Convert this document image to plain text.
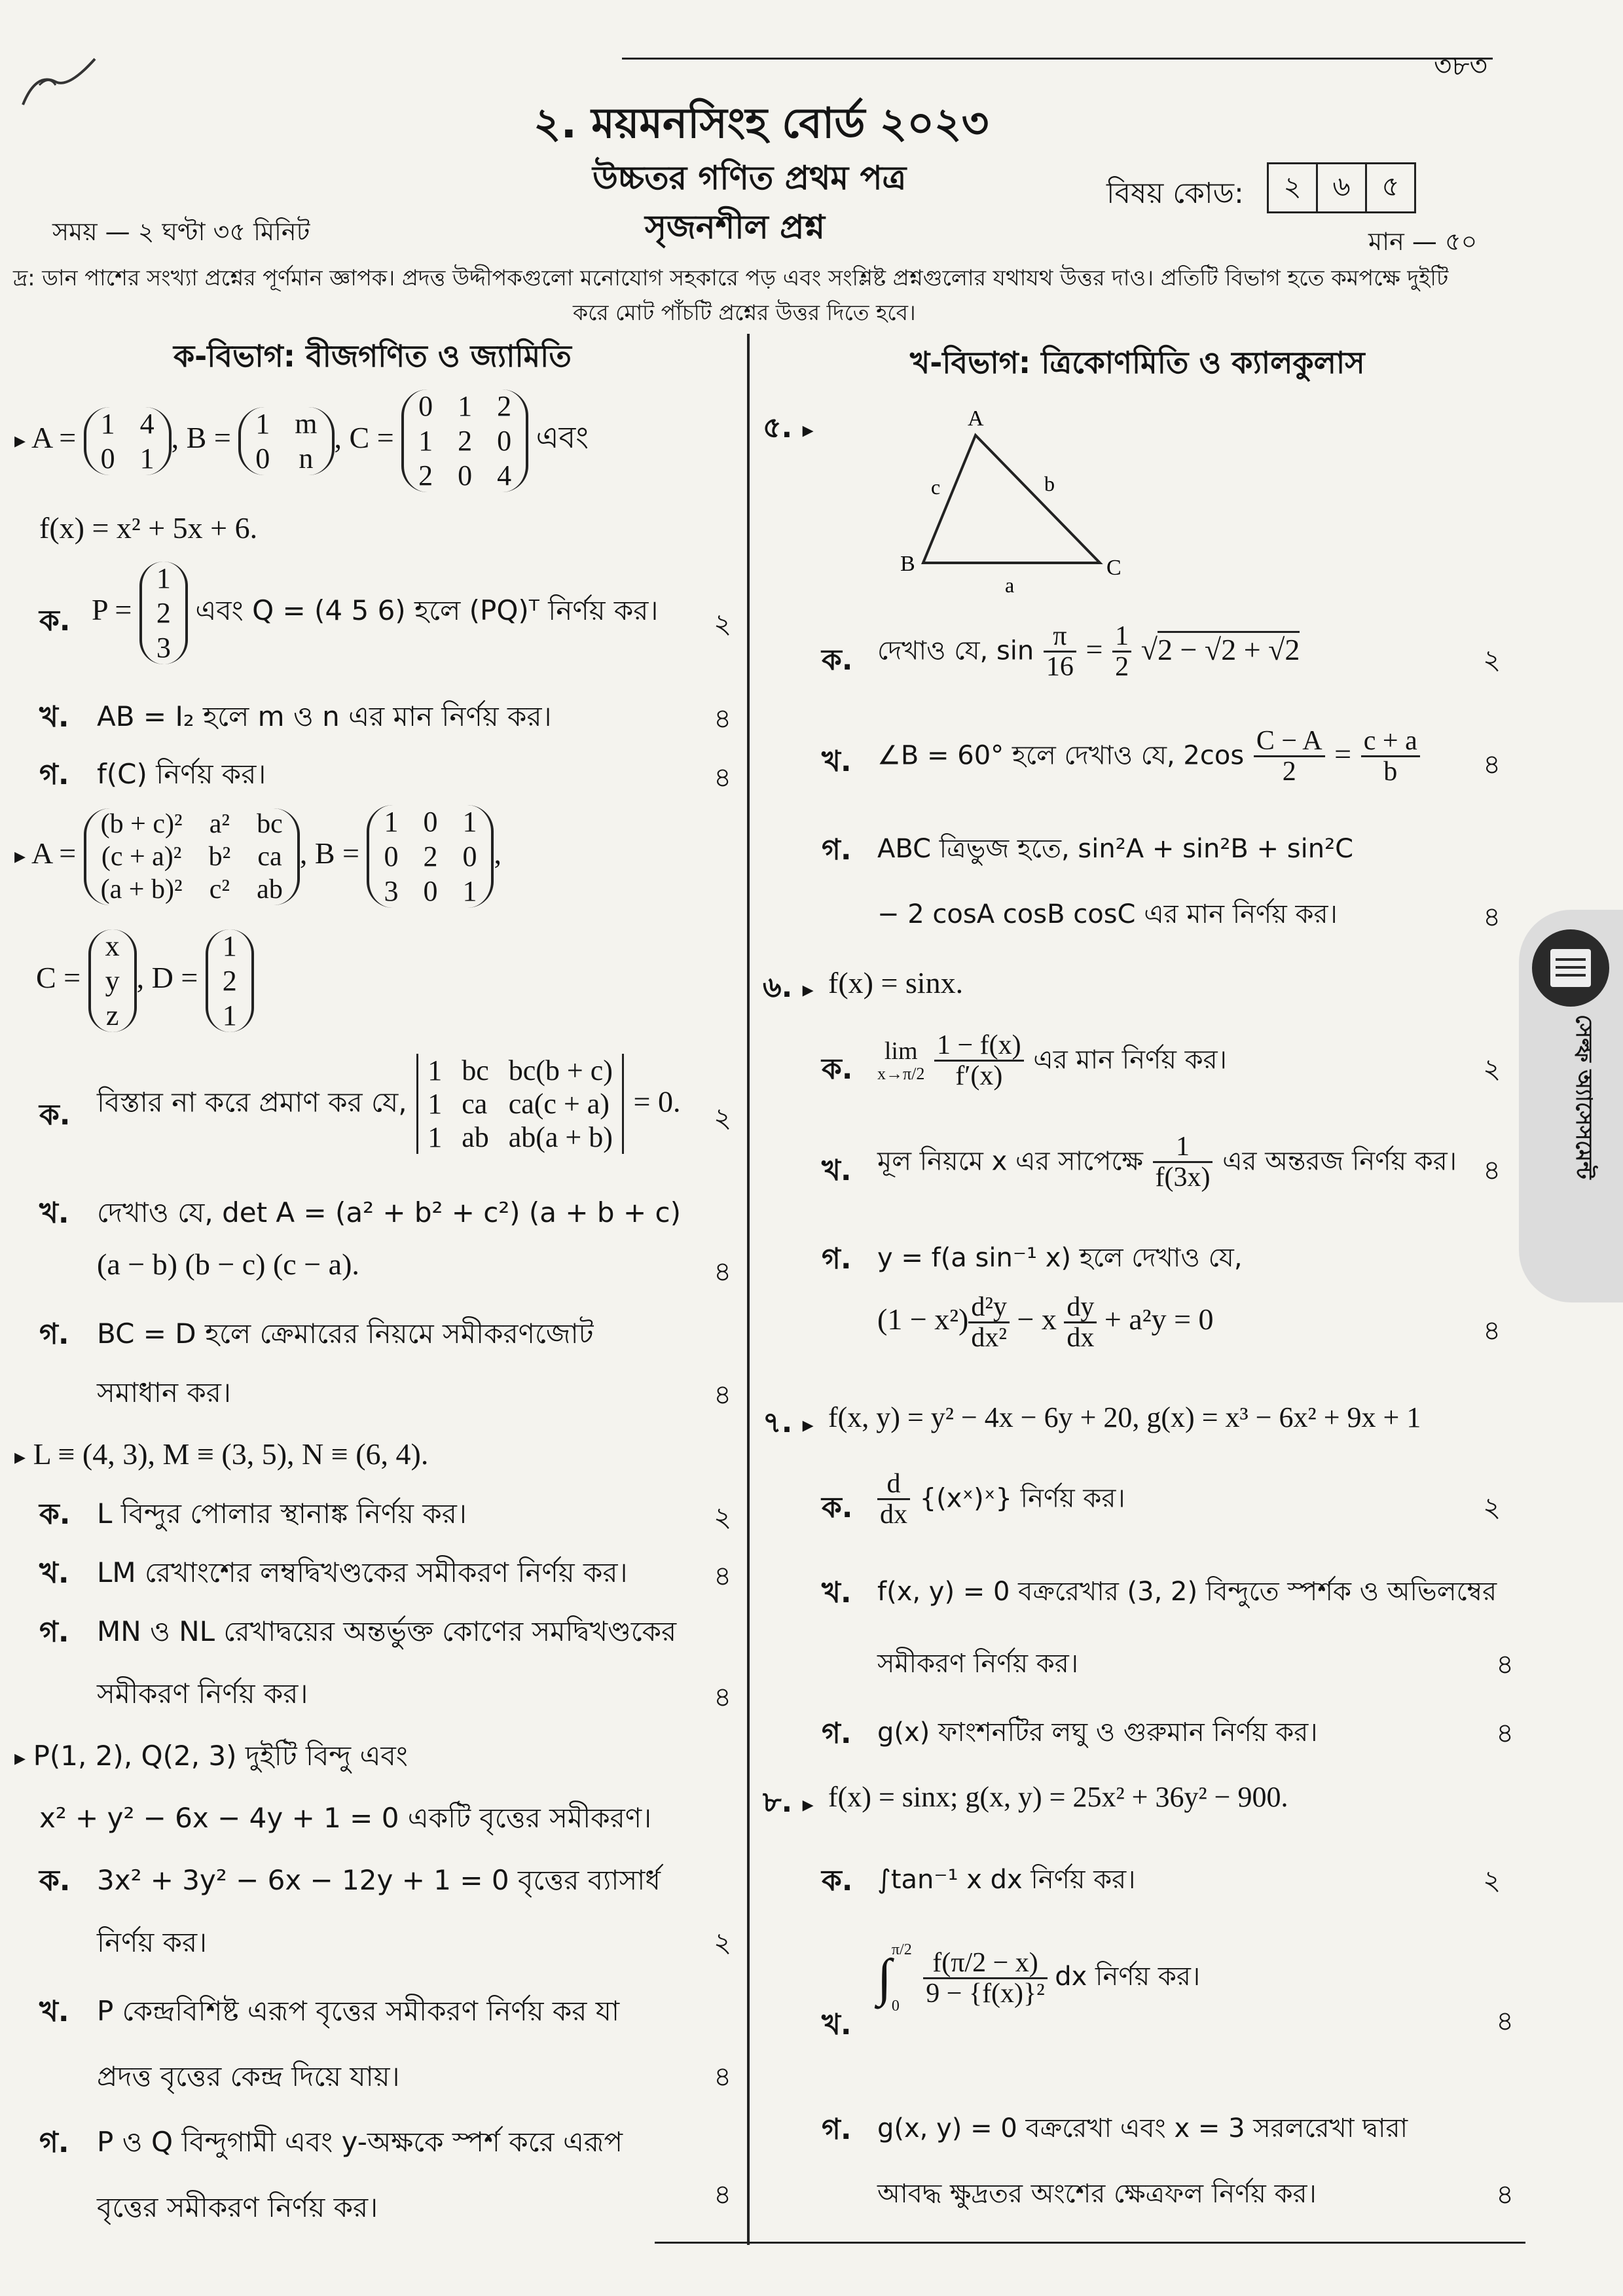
৩৮৩
২. ময়মনসিংহ বোর্ড ২০২৩
উচ্চতর গণিত প্রথম পত্র
সৃজনশীল প্রশ্ন
বিষয় কোড:	২	৬	৫
সময় — ২ ঘণ্টা ৩৫ মিনিট	মান — ৫০
দ্র: ডান পাশের সংখ্যা প্রশ্নের পূর্ণমান জ্ঞাপক। প্রদত্ত উদ্দীপকগুলো মনোযোগ সহকারে পড় এবং সংশ্লিষ্ট প্রশ্নগুলোর যথাযথ উত্তর দাও। প্রতিটি বিভাগ হতে কমপক্ষে দুইটি
করে মোট পাঁচটি প্রশ্নের উত্তর দিতে হবে।
ক-বিভাগ: বীজগণিত ও জ্যামিতি
▸ A = 1 4
0 1
, B = 1 m
0 n
, C =
0 1 2
1 2 0
2 0 4
এবং
f(x) = x² + 5x + 6.
ক. P =
1
2
3
এবং Q = (4 5 6) হলে (PQ)ᵀ নির্ণয় কর। ২
খ. AB = I₂ হলে m ও n এর মান নির্ণয় কর।	৪
গ. f(C) নির্ণয় কর।	৪
▸ A =
(b + c)² a² bc
(c + a)² b² ca
(a + b)² c² ab
, B =
1 0 1
0 2 0
3 0 1
,
C =
x
y
z
, D =
1
2
1
ক. বিস্তার না করে প্রমাণ কর যে,
1 bc bc(b + c)
1 ca ca(c + a)
1 ab ab(a + b)
= 0. ২
খ. দেখাও যে, det A = (a² + b² + c²) (a + b + c)
(a − b) (b − c) (c − a).	৪
গ. BC = D হলে ক্রেমারের নিয়মে সমীকরণজোট
সমাধান কর।	৪
▸ L ≡ (4, 3), M ≡ (3, 5), N ≡ (6, 4).
ক. L বিন্দুর পোলার স্থানাঙ্ক নির্ণয় কর।	২
খ. LM রেখাংশের লম্বদ্বিখণ্ডকের সমীকরণ নির্ণয় কর।	৪
গ. MN ও NL রেখাদ্বয়ের অন্তর্ভুক্ত কোণের সমদ্বিখণ্ডকের
সমীকরণ নির্ণয় কর।	৪
▸ P(1, 2), Q(2, 3) দুইটি বিন্দু এবং
x² + y² − 6x − 4y + 1 = 0 একটি বৃত্তের সমীকরণ।
ক. 3x² + 3y² − 6x − 12y + 1 = 0 বৃত্তের ব্যাসার্ধ
নির্ণয় কর।	২
খ. P কেন্দ্রবিশিষ্ট এরূপ বৃত্তের সমীকরণ নির্ণয় কর যা
প্রদত্ত বৃত্তের কেন্দ্র দিয়ে যায়।	৪
গ. P ও Q বিন্দুগামী এবং y-অক্ষকে স্পর্শ করে এরূপ
বৃত্তের সমীকরণ নির্ণয় কর।	৪
খ-বিভাগ: ত্রিকোণমিতি ও ক্যালকুলাস
৫. ▸	A
B	C
a
b
c
ক. দেখাও যে, $\sin \frac{\pi}{16} = \frac{1}{2} √2 - √2 + √2$	২
খ. ∠B = 60° হলে দেখাও যে, $2\cos \frac{C - A}{2} = \frac{c + a}{b}$ ৪
গ. ABC ত্রিভুজ হতে, sin²A + sin²B + sin²C
− 2 cosA cosB cosC এর মান নির্ণয় কর।	৪
৬. ▸ f(x) = sinx.
ক.
lim
x→π/2
$\frac{1 - f(x)}{f'(x)}$ এর মান নির্ণয় কর।	২
খ. মূল নিয়মে x এর সাপেক্ষে $\frac{1}{f(3x)}$ এর অন্তরজ নির্ণয় কর। ৪
গ. y = f(a sin⁻¹ x) হলে দেখাও যে,
$(1 - x^2) \frac{\text{d²y}}{\text{dx²}} - x \frac{dy}{dx} + a^2y = 0$	৪
৭. ▸ f(x, y) = y² − 4x − 6y + 20, g(x) = x³ − 6x² + 9x + 1
ক. $\frac{d}{dx}$ {(xˣ)ˣ} নির্ণয় কর।	২
খ. f(x, y) = 0 বক্ররেখার (3, 2) বিন্দুতে স্পর্শক ও অভিলম্বের
সমীকরণ নির্ণয় কর।	৪
গ. g(x) ফাংশনটির লঘু ও গুরুমান নির্ণয় কর।	৪
৮. ▸ f(x) = sinx; g(x, y) = 25x² + 36y² − 900.
ক. ∫tan⁻¹ x dx নির্ণয় কর।	২
খ.
∫π/2

$0 \frac{f(\pi/2 - x)}{\text{9 − \{f(x)\}²}}$ dx নির্ণয় কর।
৪
গ. g(x, y) = 0 বক্ররেখা এবং x = 3 সরলরেখা দ্বারা
আবদ্ধ ক্ষুদ্রতর অংশের ক্ষেত্রফল নির্ণয় কর।	৪
সেল্ফ অ্যাসেসমেন্ট
